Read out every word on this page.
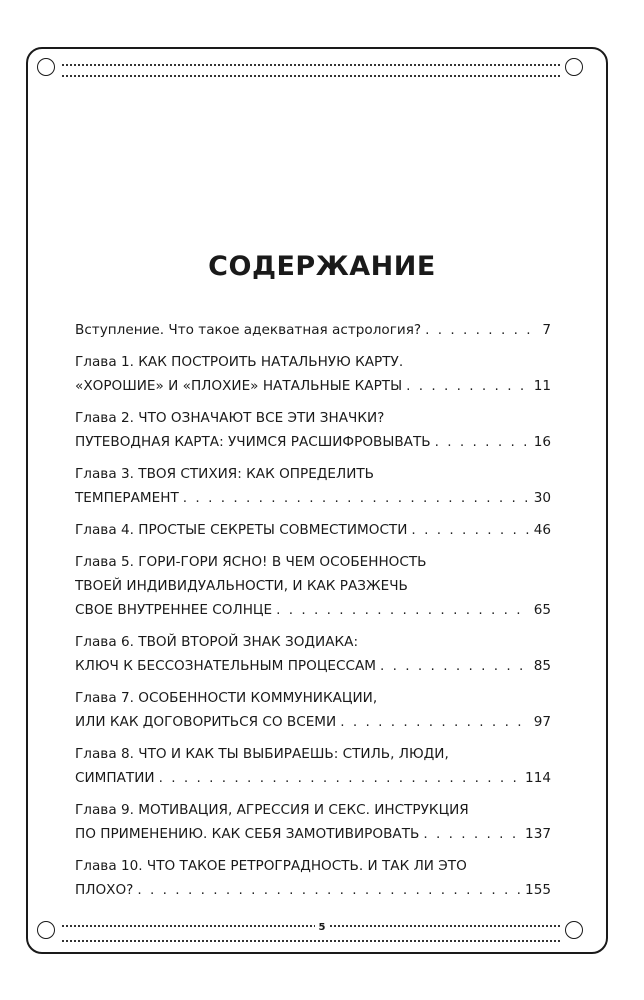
СОДЕРЖАНИЕ
Вступление. Что такое адекватная астрология? . . .	7
Глава 1. КАК ПОСТРОИТЬ НАТАЛЬНУЮ КАРТУ.
«ХОРОШИЕ» И «ПЛОХИЕ» НАТАЛЬНЫЕ КАРТЫ . . .	11
Глава 2. ЧТО ОЗНАЧАЮТ ВСЕ ЭТИ ЗНАЧКИ?
ПУТЕВОДНАЯ КАРТА: УЧИМСЯ РАСШИФРОВЫВАТЬ . . .	16
Глава 3. ТВОЯ СТИХИЯ: КАК ОПРЕДЕЛИТЬ
ТЕМПЕРАМЕНТ . . .	30
Глава 4. ПРОСТЫЕ СЕКРЕТЫ СОВМЕСТИМОСТИ . . .	46
Глава 5. ГОРИ-ГОРИ ЯСНО! В ЧЕМ ОСОБЕННОСТЬ
ТВОЕЙ ИНДИВИДУАЛЬНОСТИ, И КАК РАЗЖЕЧЬ
СВОЕ ВНУТРЕННЕЕ СОЛНЦЕ . . .	65
Глава 6. ТВОЙ ВТОРОЙ ЗНАК ЗОДИАКА:
КЛЮЧ К БЕССОЗНАТЕЛЬНЫМ ПРОЦЕССАМ . . .	85
Глава 7. ОСОБЕННОСТИ КОММУНИКАЦИИ,
ИЛИ КАК ДОГОВОРИТЬСЯ СО ВСЕМИ . . .	97
Глава 8. ЧТО И КАК ТЫ ВЫБИРАЕШЬ: СТИЛЬ, ЛЮДИ,
СИМПАТИИ . . .	114
Глава 9. МОТИВАЦИЯ, АГРЕССИЯ И СЕКС. ИНСТРУКЦИЯ
ПО ПРИМЕНЕНИЮ. КАК СЕБЯ ЗАМОТИВИРОВАТЬ . . .	137
Глава 10. ЧТО ТАКОЕ РЕТРОГРАДНОСТЬ. И ТАК ЛИ ЭТО
ПЛОХО? . . .	155
5
